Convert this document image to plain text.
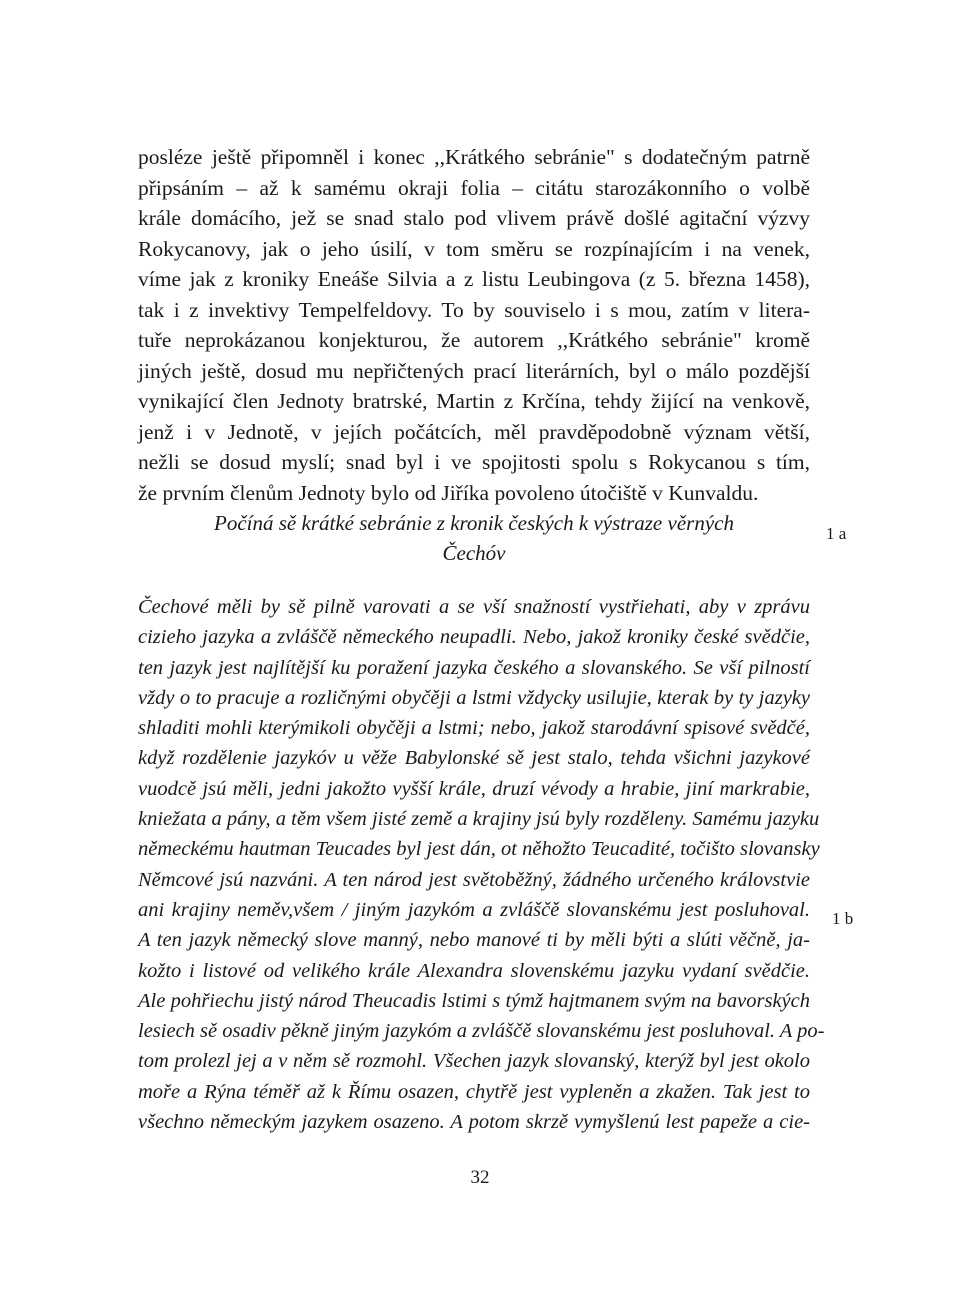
posléze ještě připomněl i konec ,,Krátkého sebránie" s dodatečným patrně
připsáním – až k samému okraji folia – citátu starozákonního o volbě
krále domácího, jež se snad stalo pod vlivem právě došlé agitační výzvy
Rokycanovy, jak o jeho úsilí, v tom směru se rozpínajícím i na venek,
víme jak z kroniky Eneáše Silvia a z listu Leubingova (z 5. března 1458),
tak i z invektivy Tempelfeldovy. To by souviselo i s mou, zatím v litera-
tuře neprokázanou konjekturou, že autorem ,,Krátkého sebránie" kromě
jiných ještě, dosud mu nepřičtených prací literárních, byl o málo pozdější
vynikající člen Jednoty bratrské, Martin z Krčína, tehdy žijící na venkově,
jenž i v Jednotě, v jejích počátcích, měl pravděpodobně význam větší,
nežli se dosud myslí; snad byl i ve spojitosti spolu s Rokycanou s tím,
že prvním členům Jednoty bylo od Jiříka povoleno útočiště v Kunvaldu.
Počíná sě krátké sebránie z kronik českých k výstraze věrných
Čechóv
1 a
1 b
Čechové měli by sě pilně varovati a se vší snažností vystřiehati, aby v zprávu
cizieho jazyka a zvláščě německého neupadli. Nebo, jakož kroniky české svědčie,
ten jazyk jest najlítější ku poražení jazyka českého a slovanského. Se vší pilností
vždy o to pracuje a rozličnými obyčěji a lstmi vždycky usilujie, kterak by ty jazyky
shladiti mohli kterýmikoli obyčěji a lstmi; nebo, jakož starodávní spisové svědčé,
když rozdělenie jazykóv u věže Babylonské sě jest stalo, tehda všichni jazykové
vuodcě jsú měli, jedni jakožto vyšší krále, druzí vévody a hrabie, jiní markrabie,
kniežata a pány, a těm všem jisté země a krajiny jsú byly rozděleny. Samému jazyku
německému hautman Teucades byl jest dán, ot něhožto Teucadité, točišto slovansky
Němcové jsú nazváni. A ten národ jest světoběžný, žádného určeného královstvie
ani krajiny neměv,všem / jiným jazykóm a zvláščě slovanskému jest posluhoval.
A ten jazyk německý slove manný, nebo manové ti by měli býti a slúti věčně, ja-
kožto i listové od velikého krále Alexandra slovenskému jazyku vydaní svědčie.
Ale pohřiechu jistý národ Theucadis lstimi s týmž hajtmanem svým na bavorských
lesiech sě osadiv pěkně jiným jazykóm a zvláščě slovanskému jest posluhoval. A po-
tom prolezl jej a v něm sě rozmohl. Všechen jazyk slovanský, kterýž byl jest okolo
moře a Rýna téměř až k Římu osazen, chytřě jest vypleněn a zkažen. Tak jest to
všechno německým jazykem osazeno. A potom skrzě vymyšlenú lest papeže a cie-
32
